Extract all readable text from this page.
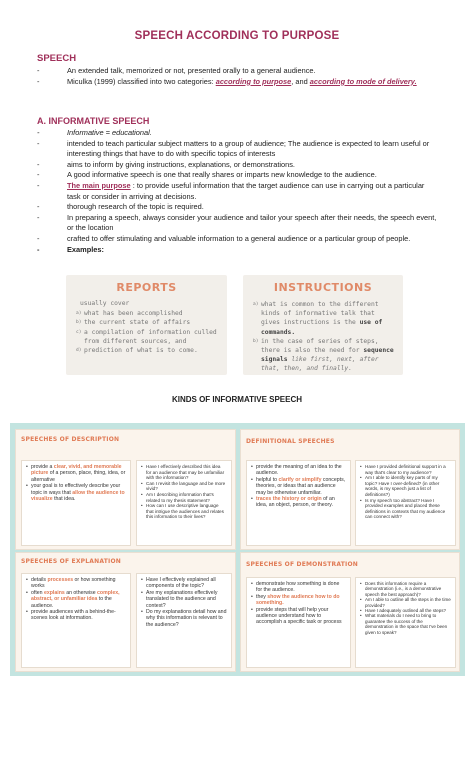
SPEECH ACCORDING TO PURPOSE
SPEECH
- An extended talk, memorized or not, presented orally to a general audience.
- Miculka (1999) classified into two categories: according to purpose, and according to mode of delivery.
A. INFORMATIVE SPEECH
- Informative = educational.
- intended to teach particular subject matters to a group of audience; The audience is expected to learn useful or interesting things that have to do with specific topics of interests
- aims to inform by giving instructions, explanations, or demonstrations.
- A good informative speech is one that really shares or imparts new knowledge to the audience.
- The main purpose : to provide useful information that the target audience can use in carrying out a particular task or consider in arriving at decisions.
- thorough research of the topic is required.
- In preparing a speech, always consider your audience and tailor your speech after their needs, the speech event, or the location
- crafted to offer stimulating and valuable information to a general audience or a particular group of people.
- Examples:
REPORTS
usually cover
a) what has been accomplished
b) the current state of affairs
c) a compilation of information culled from different sources, and
d) prediction of what is to come.
INSTRUCTIONS

a) what is common to the different kinds of informative talk that gives instructions is the use of commands.

b) in the case of series of steps, there is also the need for sequence signals like first, next, after that, then, and finally.

KINDS OF INFORMATIVE SPEECH
SPEECHES OF DESCRIPTION

• provide a clear, vivid, and memorable picture of a person, place, thing, idea, or alternative

• your goal is to effectively describe your topic in ways that allow the audience to visualize that idea.

• Have I effectively described this idea for an audience that may be unfamiliar with the information?

• Can I revisit the language and be more vivid?

• Am I describing information that's related to my thesis statement?

• How can I use descriptive language that intrigue the audiences and relates this information to their lives?

DEFINITIONAL SPEECHES

• provide the meaning of an idea to the audience.

• helpful to clarify or simplify concepts, theories, or ideas that an audience may be otherwise unfamiliar.

• traces the history or origin of an idea, an object, person, or theory.

• Have I provided definitional support in a way that's clear to my audience?

• Am I able to identify key parts of my topic? Have I over-defined? (in other words, is my speech just a list of definitions?)

• Is my speech too abstract? Have I provided examples and placed these definitions in contexts that my audience can connect with?

SPEECHES OF EXPLANATION

• details processes or how something works

• often explains an otherwise complex, abstract, or unfamiliar idea to the audience.

• provide audiences with a behind-the-scenes look at information.

• Have I effectively explained all components of the topic?

• Are my explanations effectively translated to the audience and context?

• Do my explanations detail how and why this information is relevant to the audience?

SPEECHES OF DEMONSTRATION

• demonstrate how something is done for the audience.

• they show the audience how to do something.

• provide steps that will help your audience understand how to accomplish a specific task or process

• Does this information require a demonstration (i.e., is a demonstrative speech the best approach)?

• Am I able to outline all the steps in the time provided?

• Have I adequately outlined all the steps?

• What materials do I need to bring to guarantee the success of the demonstration in the space that I've been given to speak?
